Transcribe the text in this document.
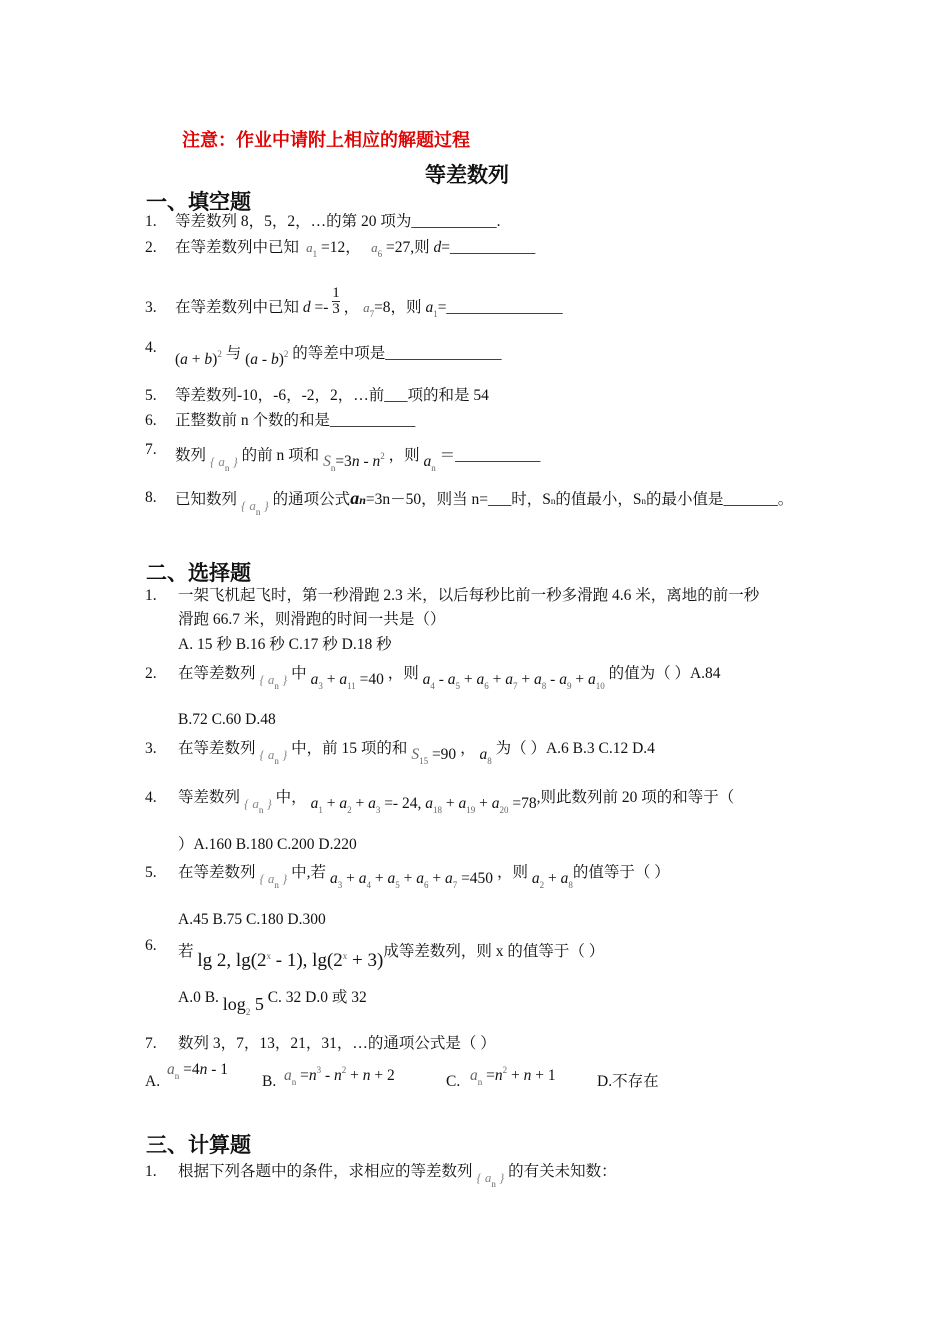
注意：作业中请附上相应的解题过程
等差数列
一、填空题
1. 等差数列 8，5，2，…的第 20 项为___________.
2. 在等差数列中已知  $a_1 =12$，   $a_6 =27$,则 d=___________
3. 在等差数列中已知 $d =- \frac{1}{3}$ ， $a_7=8$，则 $a_1=\_\_\_\_\_\_\_\_\_\_\_\_\_\_\_$
4.
$(a + b)^2$ 与 (a - b)$^2$ 的等差中项是_______________
5. 等差数列-10，-6，-2，2，…前___项的和是 54
6. 正整数前 n 个数的和是___________
7. 数列 $_{\{ a_n \}}$ 的前 n 项和 $S_n=3n - n^2$ ，则 $a_n$ ＝___________
8. 已知数列 $_{\{ a_n \}}$ 的通项公式an=3n－50，则当 n=___时，Sn的值最小，Sn的最小值是_______。
二、选择题
1. 一架飞机起飞时，第一秒滑跑 2.3 米，以后每秒比前一秒多滑跑 4.6 米，离地的前一秒
滑跑 66.7 米，则滑跑的时间一共是（）
A. 15 秒 B.16 秒 C.17 秒 D.18 秒
2. 在等差数列 $_{\{ a_n \}}$ 中 $a_3 + a_{11} =40$ ，则 $a_4 - a_5 + a_6 + a_7 + a_8 - a_9 + a_{10}$ 的值为（ ）A.84
B.72 C.60 D.48
3. 在等差数列 $_{\{ a_n \}}$ 中，前 15 项的和 $S_{15} =90$ ， $a_8$ 为（ ）A.6 B.3 C.12 D.4
4. 等差数列 $_{\{ a_n \}}$ 中， $a_1 + a_2 + a_3 =- 24$, $a_{18} + a_{19} + a_{20} =78$,则此数列前 20 项的和等于（
）A.160 B.180 C.200 D.220
5. 在等差数列 $_{\{ a_n \}}$ 中,若 $a_3 + a_4 + a_5 + a_6 + a_7 =450$ ，则 $a_2 + a_8$的值等于（ ）
A.45 B.75 C.180 D.300
6. 若 lg 2, lg(2$^x$ - 1), $\lg(2^x + 3)$成等差数列，则 x 的值等于（ ）
A.0 B. $\log_2 5$ C. 32 D.0 或 32
7. 数列 3，7，13，21，31，…的通项公式是（ ）
A.
$a_n =4n - 1$
B. $a_n =n^3 - n^2 + n + 2$	C. $a_n =n^2 + n + 1$	D.不存在
三、计算题
1. 根据下列各题中的条件，求相应的等差数列 $_{\{ a_n \}}$ 的有关未知数：
